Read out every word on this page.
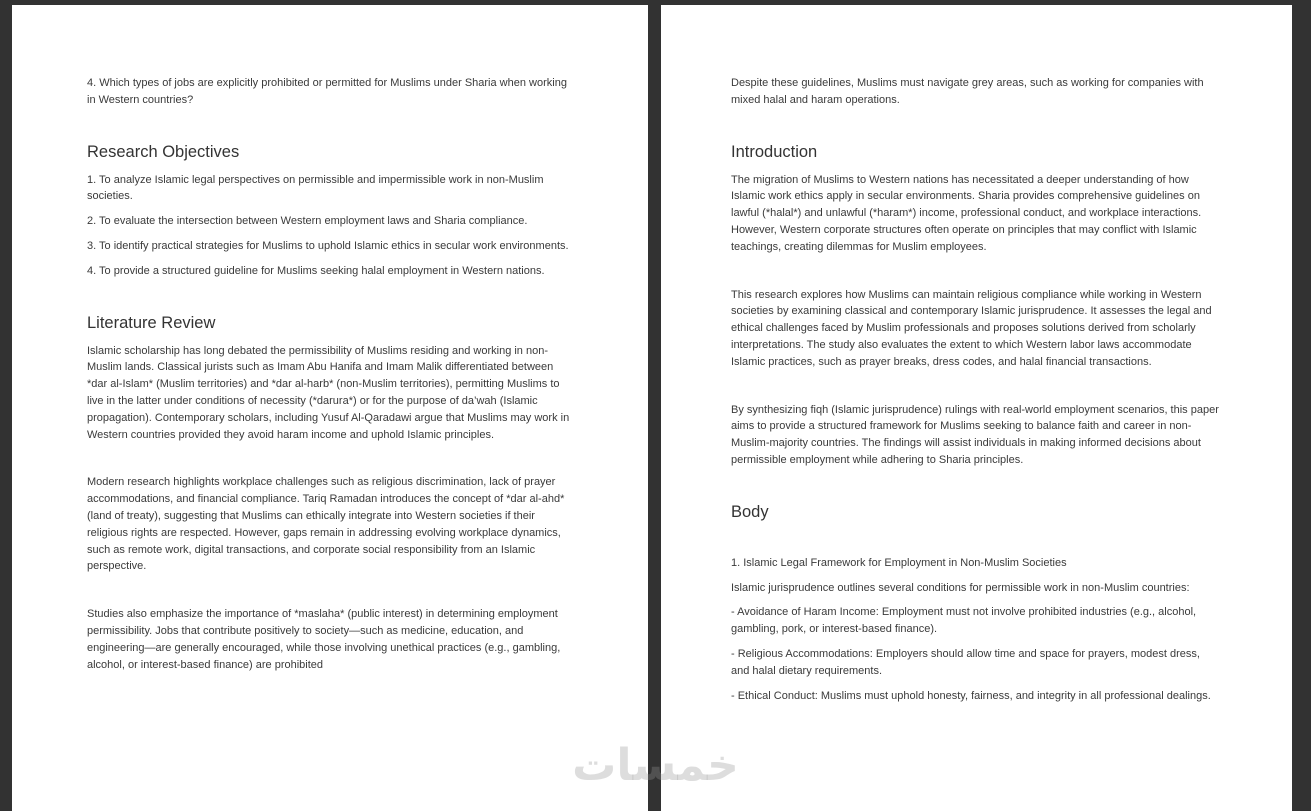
4. Which types of jobs are explicitly prohibited or permitted for Muslims under Sharia when working in Western countries?

Research Objectives

1. To analyze Islamic legal perspectives on permissible and impermissible work in non-Muslim societies.

2. To evaluate the intersection between Western employment laws and Sharia compliance.

3. To identify practical strategies for Muslims to uphold Islamic ethics in secular work environments.

4. To provide a structured guideline for Muslims seeking halal employment in Western nations.

Literature Review

Islamic scholarship has long debated the permissibility of Muslims residing and working in non-Muslim lands. Classical jurists such as Imam Abu Hanifa and Imam Malik differentiated between *dar al-Islam* (Muslim territories) and *dar al-harb* (non-Muslim territories), permitting Muslims to live in the latter under conditions of necessity (*darura*) or for the purpose of da’wah (Islamic propagation). Contemporary scholars, including Yusuf Al-Qaradawi argue that Muslims may work in Western countries provided they avoid haram income and uphold Islamic principles.

Modern research highlights workplace challenges such as religious discrimination, lack of prayer accommodations, and financial compliance. Tariq Ramadan introduces the concept of *dar al-ahd* (land of treaty), suggesting that Muslims can ethically integrate into Western societies if their religious rights are respected. However, gaps remain in addressing evolving workplace dynamics, such as remote work, digital transactions, and corporate social responsibility from an Islamic perspective.

Studies also emphasize the importance of *maslaha* (public interest) in determining employment permissibility. Jobs that contribute positively to society—such as medicine, education, and engineering—are generally encouraged, while those involving unethical practices (e.g., gambling, alcohol, or interest-based finance) are prohibited

Despite these guidelines, Muslims must navigate grey areas, such as working for companies with mixed halal and haram operations.

Introduction

The migration of Muslims to Western nations has necessitated a deeper understanding of how Islamic work ethics apply in secular environments. Sharia provides comprehensive guidelines on lawful (*halal*) and unlawful (*haram*) income, professional conduct, and workplace interactions. However, Western corporate structures often operate on principles that may conflict with Islamic teachings, creating dilemmas for Muslim employees.

This research explores how Muslims can maintain religious compliance while working in Western societies by examining classical and contemporary Islamic jurisprudence. It assesses the legal and ethical challenges faced by Muslim professionals and proposes solutions derived from scholarly interpretations. The study also evaluates the extent to which Western labor laws accommodate Islamic practices, such as prayer breaks, dress codes, and halal financial transactions.

By synthesizing fiqh (Islamic jurisprudence) rulings with real-world employment scenarios, this paper aims to provide a structured framework for Muslims seeking to balance faith and career in non-Muslim-majority countries. The findings will assist individuals in making informed decisions about permissible employment while adhering to Sharia principles.

Body

1. Islamic Legal Framework for Employment in Non-Muslim Societies

Islamic jurisprudence outlines several conditions for permissible work in non-Muslim countries:

- Avoidance of Haram Income: Employment must not involve prohibited industries (e.g., alcohol, gambling, pork, or interest-based finance).

- Religious Accommodations: Employers should allow time and space for prayers, modest dress, and halal dietary requirements.

- Ethical Conduct: Muslims must uphold honesty, fairness, and integrity in all professional dealings.

خمسات
